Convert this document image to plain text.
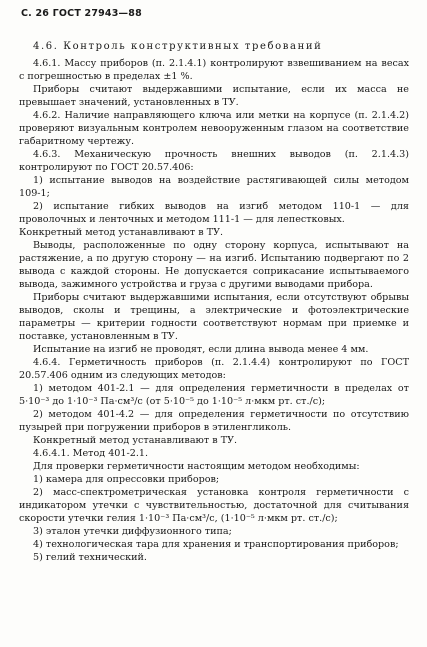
С. 26 ГОСТ 27943—88

4.6. Контроль конструктивных требований

4.6.1. Массу приборов (п. 2.1.4.1) контролируют взвешиванием на весах с погрешностью в пределах ±1 %.

Приборы считают выдержавшими испытание, если их масса не превышает значений, установленных в ТУ.

4.6.2. Наличие направляющего ключа или метки на корпусе (п. 2.1.4.2) проверяют визуальным контролем невооруженным глазом на соответствие габаритному чертежу.

4.6.3. Механическую прочность внешних выводов (п. 2.1.4.3) контролируют по ГОСТ 20.57.406:

1) испытание выводов на воздействие растягивающей силы методом 109-1;

2) испытание гибких выводов на изгиб методом 110-1 — для проволочных и ленточных и методом 111-1 — для лепестковых.

Конкретный метод устанавливают в ТУ.

Выводы, расположенные по одну сторону корпуса, испытывают на растяжение, а по другую сторону — на изгиб. Испытанию подвергают по 2 вывода с каждой стороны. Не допускается соприкасание испытываемого вывода, зажимного устройства и груза с другими выводами прибора.

Приборы считают выдержавшими испытания, если отсутствуют обрывы выводов, сколы и трещины, а электрические и фотоэлектрические параметры — критерии годности соответствуют нормам при приемке и поставке, установленным в ТУ.

Испытание на изгиб не проводят, если длина вывода менее 4 мм.

4.6.4. Герметичность приборов (п. 2.1.4.4) контролируют по ГОСТ 20.57.406 одним из следующих методов:

1) методом 401-2.1 — для определения герметичности в пределах от 5·10⁻³ до 1·10⁻³ Па·см³/с (от 5·10⁻⁵ до 1·10⁻⁵ л·мкм рт. ст./с);

2) методом 401-4.2 — для определения герметичности по отсутствию пузырей при погружении приборов в этиленгликоль.

Конкретный метод устанавливают в ТУ.

4.6.4.1. Метод 401-2.1.

Для проверки герметичности настоящим методом необходимы:

1) камера для опрессовки приборов;

2) масс-спектрометрическая установка контроля герметичности с индикатором утечки с чувствительностью, достаточной для считывания скорости утечки гелия 1·10⁻³ Па·см³/с, (1·10⁻⁵ л·мкм рт. ст./с);

3) эталон утечки диффузионного типа;

4) технологическая тара для хранения и транспортирования приборов;

5) гелий технический.
